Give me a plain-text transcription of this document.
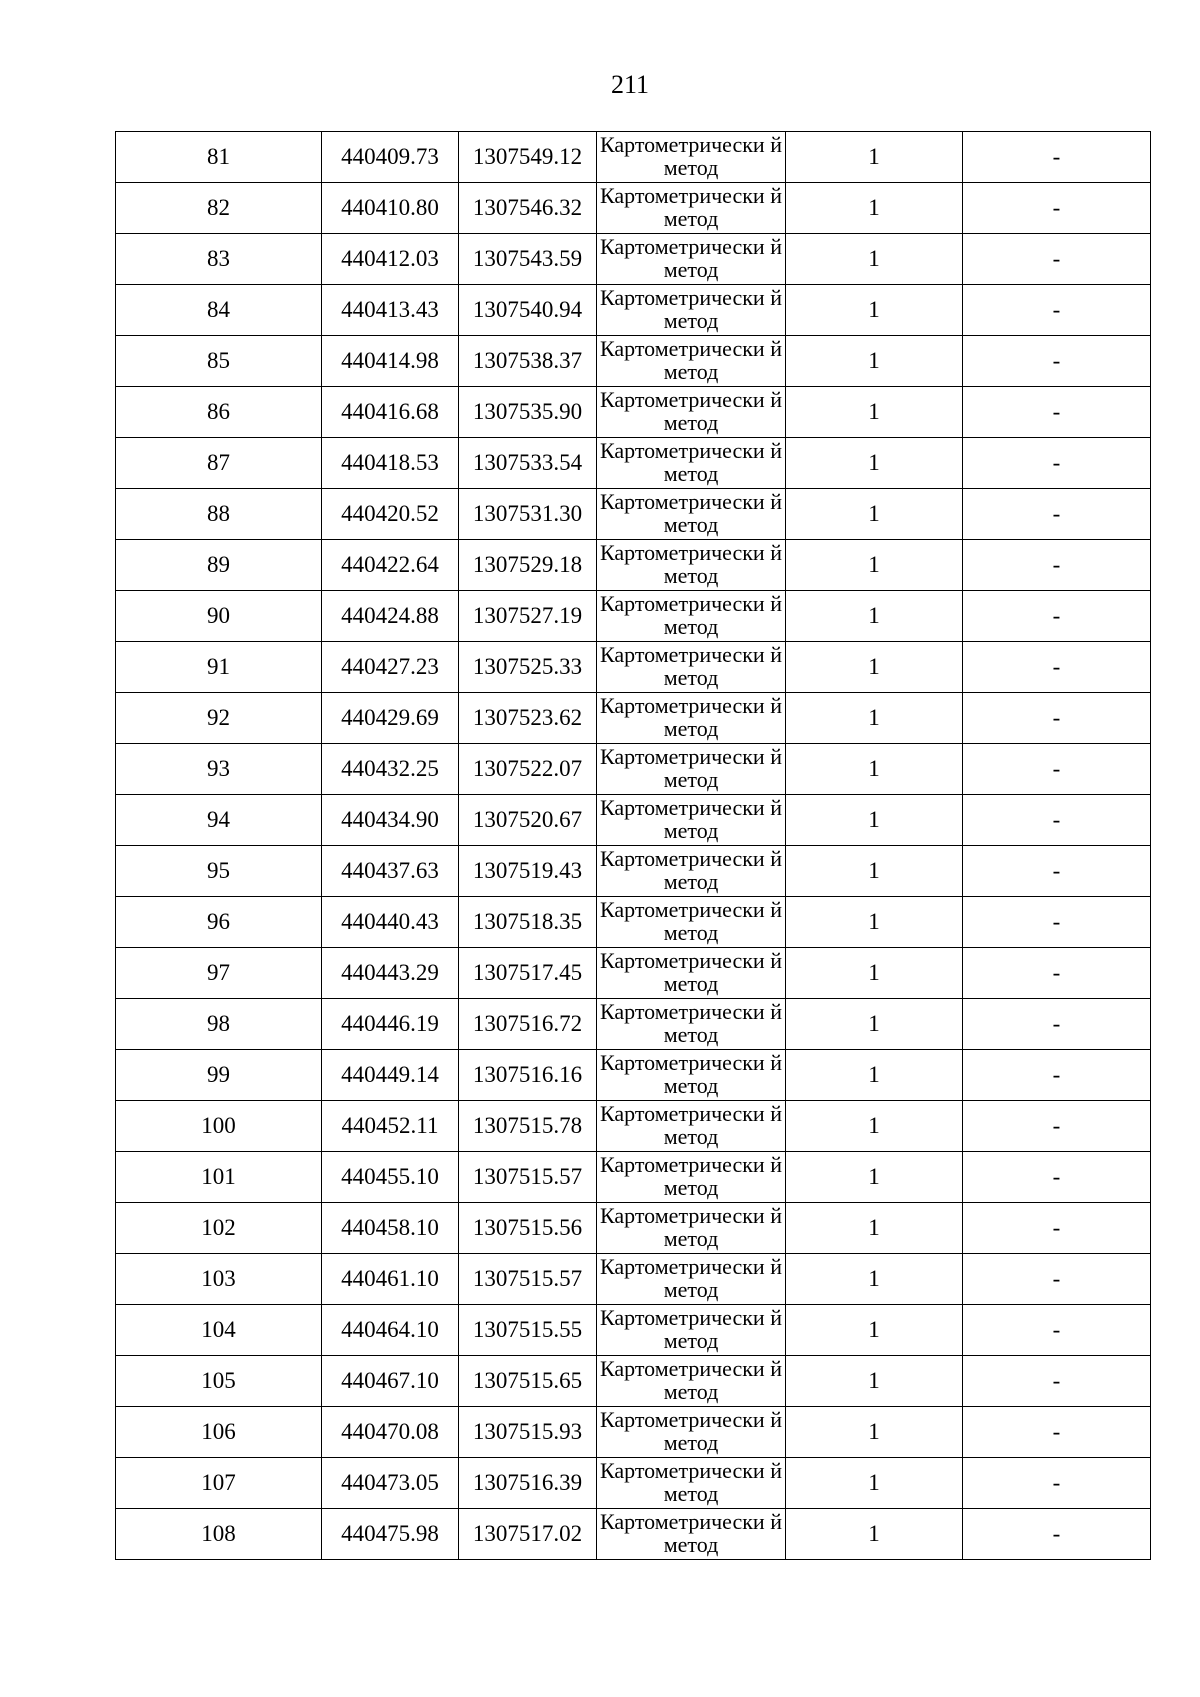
211
81	440409.73	1307549.12	Картометрически й метод	1	-
82	440410.80	1307546.32	Картометрически й метод	1	-
83	440412.03	1307543.59	Картометрически й метод	1	-
84	440413.43	1307540.94	Картометрически й метод	1	-
85	440414.98	1307538.37	Картометрически й метод	1	-
86	440416.68	1307535.90	Картометрически й метод	1	-
87	440418.53	1307533.54	Картометрически й метод	1	-
88	440420.52	1307531.30	Картометрически й метод	1	-
89	440422.64	1307529.18	Картометрически й метод	1	-
90	440424.88	1307527.19	Картометрически й метод	1	-
91	440427.23	1307525.33	Картометрически й метод	1	-
92	440429.69	1307523.62	Картометрически й метод	1	-
93	440432.25	1307522.07	Картометрически й метод	1	-
94	440434.90	1307520.67	Картометрически й метод	1	-
95	440437.63	1307519.43	Картометрически й метод	1	-
96	440440.43	1307518.35	Картометрически й метод	1	-
97	440443.29	1307517.45	Картометрически й метод	1	-
98	440446.19	1307516.72	Картометрически й метод	1	-
99	440449.14	1307516.16	Картометрически й метод	1	-
100	440452.11	1307515.78	Картометрически й метод	1	-
101	440455.10	1307515.57	Картометрически й метод	1	-
102	440458.10	1307515.56	Картометрически й метод	1	-
103	440461.10	1307515.57	Картометрически й метод	1	-
104	440464.10	1307515.55	Картометрически й метод	1	-
105	440467.10	1307515.65	Картометрически й метод	1	-
106	440470.08	1307515.93	Картометрически й метод	1	-
107	440473.05	1307516.39	Картометрически й метод	1	-
108	440475.98	1307517.02	Картометрически й метод	1	-
